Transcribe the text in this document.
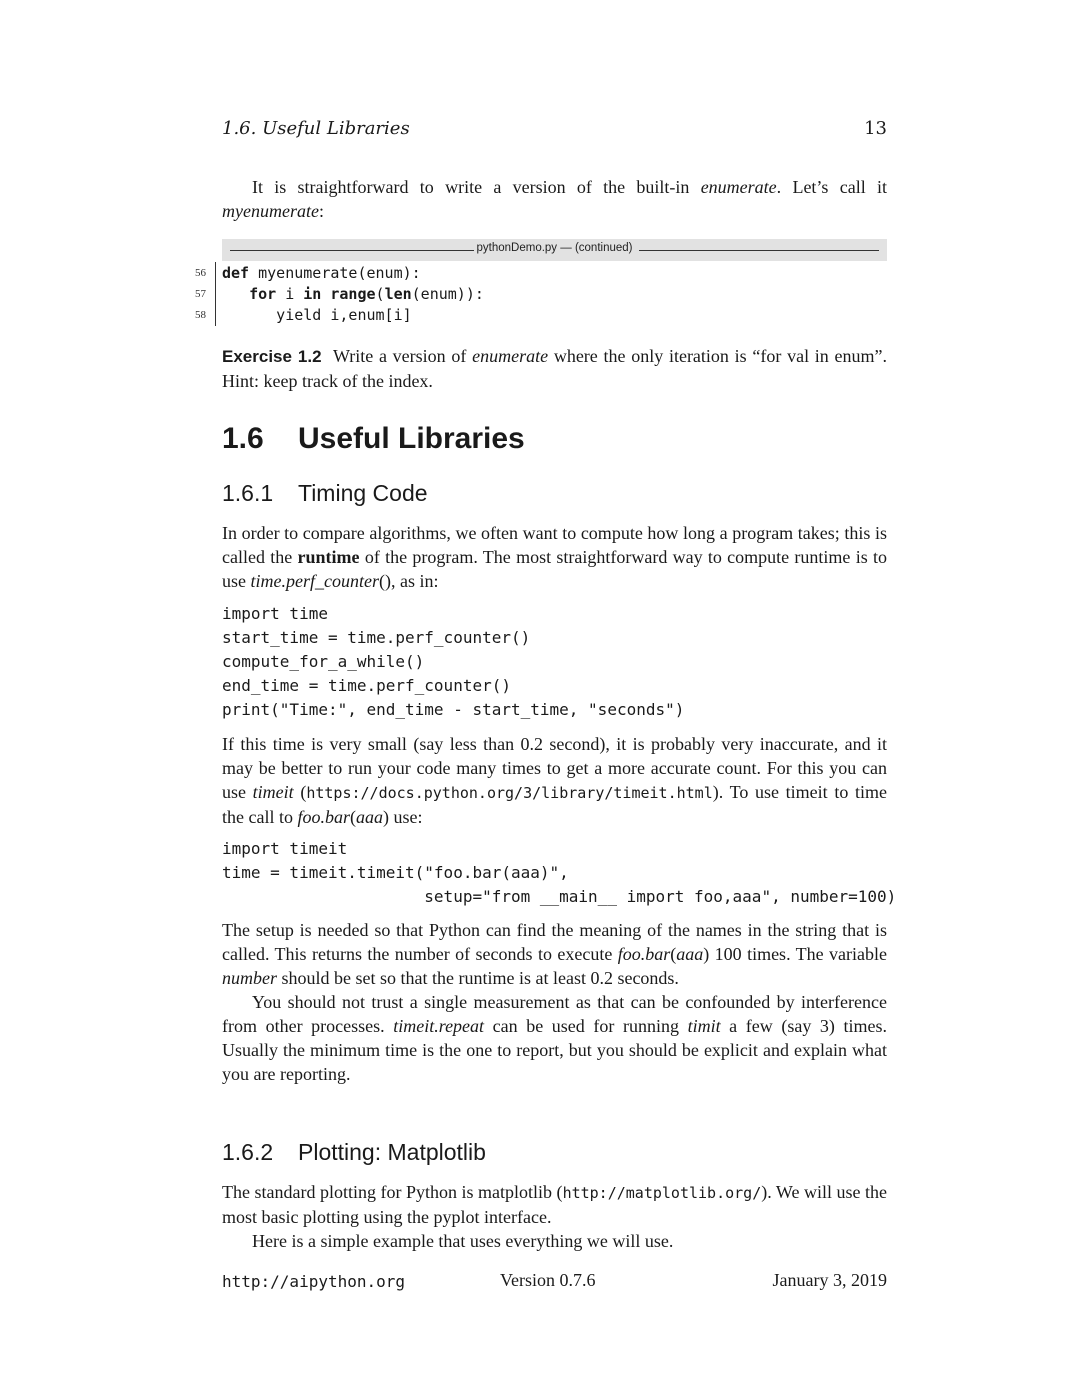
1.6. Useful Libraries	13

It is straightforward to write a version of the built-in enumerate. Let’s call it myenumerate:

pythonDemo.py — (continued)
56
57
58
def myenumerate(enum):
for i in range(len(enum)):
yield i,enum[i]

Exercise 1.2 Write a version of enumerate where the only iteration is “for val in enum”. Hint: keep track of the index.

1.6 Useful Libraries
1.6.1 Timing Code

In order to compare algorithms, we often want to compute how long a program takes; this is called the runtime of the program. The most straightforward way to compute runtime is to use time.perf_counter(), as in:

import time
start_time = time.perf_counter()
compute_for_a_while()
end_time = time.perf_counter()
print("Time:", end_time - start_time, "seconds")

If this time is very small (say less than 0.2 second), it is probably very inaccurate, and it may be better to run your code many times to get a more accurate count. For this you can use timeit (https://docs.python.org/3/library/timeit.html). To use timeit to time the call to foo.bar(aaa) use:

import timeit
time = timeit.timeit("foo.bar(aaa)",
setup="from __main__ import foo,aaa", number=100)

The setup is needed so that Python can find the meaning of the names in the string that is called. This returns the number of seconds to execute foo.bar(aaa) 100 times. The variable number should be set so that the runtime is at least 0.2 seconds.

You should not trust a single measurement as that can be confounded by interference from other processes. timeit.repeat can be used for running timit a few (say 3) times. Usually the minimum time is the one to report, but you should be explicit and explain what you are reporting.

1.6.2 Plotting: Matplotlib

The standard plotting for Python is matplotlib (http://matplotlib.org/). We will use the most basic plotting using the pyplot interface.

Here is a simple example that uses everything we will use.

http://aipython.org	Version 0.7.6	January 3, 2019
